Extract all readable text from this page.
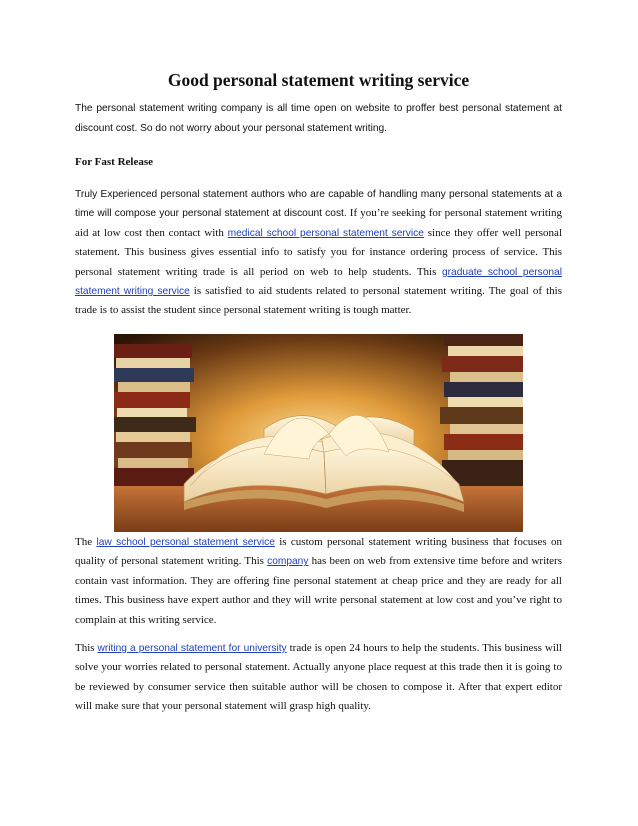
Good personal statement writing service

The personal statement writing company is all time open on website to proffer best personal statement at discount cost. So do not worry about your personal statement writing.

For Fast Release

Truly Experienced personal statement authors who are capable of handling many personal statements at a time will compose your personal statement at discount cost. If you’re seeking for personal statement writing aid at low cost then contact with medical school personal statement service since they offer well personal statement. This business gives essential info to satisfy you for instance ordering process of service. This personal statement writing trade is all period on web to help students. This graduate school personal statement writing service is satisfied to aid students related to personal statement writing. The goal of this trade is to assist the student since personal statement writing is tough matter.

The law school personal statement service is custom personal statement writing business that focuses on quality of personal statement writing. This company has been on web from extensive time before and writers contain vast information. They are offering fine personal statement at cheap price and they are ready for all times. This business have expert author and they will write personal statement at low cost and you’ve right to complain at this writing service.

This writing a personal statement for university trade is open 24 hours to help the students. This business will solve your worries related to personal statement. Actually anyone place request at this trade then it is going to be reviewed by consumer service then suitable author will be chosen to compose it. After that expert editor will make sure that your personal statement will grasp high quality.
